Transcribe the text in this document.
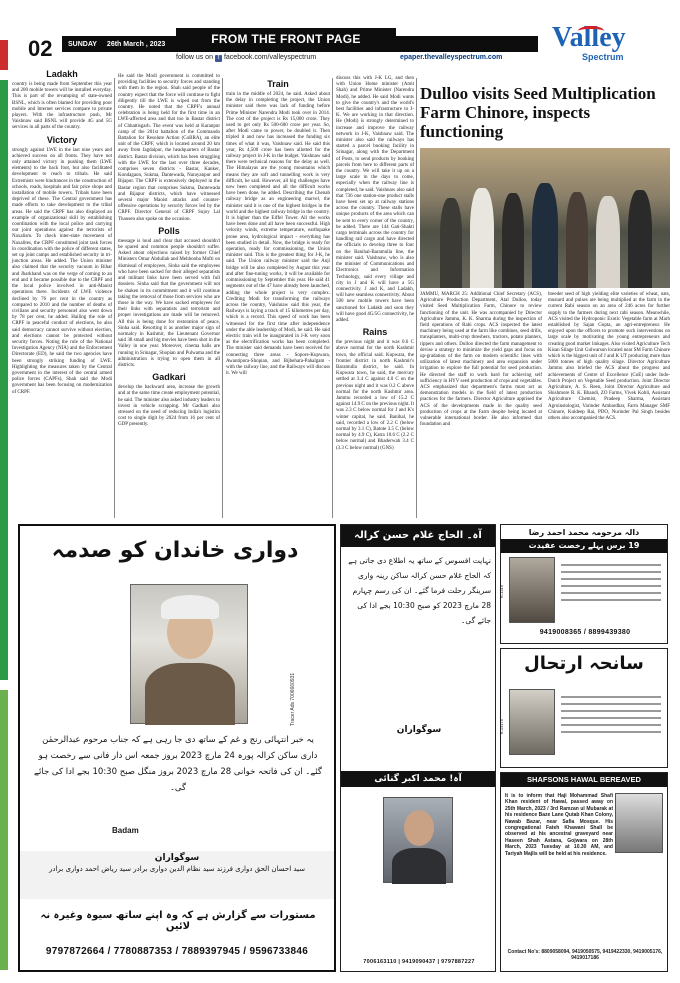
02 SUNDAY 26th March , 2023	FROM THE FRONT PAGE
follow us on f facebook.com/valleyspectrum	epaper.thevalleyspectrum.com
Valley
Spectrum
Ladakh

country is being made from September this year and 200 mobile towers will be installed everyday. This is part of the revamping of state-owned BSNL, which is often blamed for providing poor mobile and Internet services compare to private players. With the infrastructure push, Mr Vaishnaw said BSNL will provide 4G and 5G services in all parts of the country.

Victory

strongly against LWE in the last nine years and achieved success on all fronts. They have not only attained victory in pushing them (LWE elements) to the back foot, but also facilitated development to reach to tribals. He said Extremists were hindrances in the construction of schools, roads, hospitals and fair price shops and installation of mobile towers. Tribals have been deprived of these. The Central government has made efforts to take development to the tribal areas. He said the CRPF has also displayed an example of organizational skill by establishing coordination with the local police and carrying out joint operations against the terrorists of Naxalism. To check inter-state movement of Naxalites, the CRPF constituted joint task forces in coordination with the police of different states, set up joint camps and established security in tri-junction areas. He added. The Union minister also claimed that the security vacuum in Bihar and Jharkhand was on the verge of coming to an end and it became possible due to the CRPF and the local police involved in anti-Maoist operations there. Incidents of LWE violence declined by 76 per cent in the country as compared to 2010 and the number of deaths of civilians and security personnel also went down by 78 per cent, he added. Hailing the role of CRPF in peaceful conduct of elections, he also said democracy cannot survive without election, and elections cannot be protected without security forces. Noting the role of the National Investigation Agency (NIA) and the Enforcement Directorate (ED), he said the two agencies have been strongly striking funding of LWE. Highlighting the measures taken by the Central government in the interest of the central armed police forces (CAPFs), Shah said the Modi government has been focusing on modernization of CRPF.

He said the Modi government is committed to providing facilities to security forces and standing with them in the region. Shah said people of the country expect that the force will continue to fight diligently till the LWE is wiped out from the country. He noted that the CRPF's annual celebration is being held for the first time in an LWE-affected area and that too in Bastar district of Chhattisgarh. The event was held at Karanpur camp of the 201st battalion of the Commando Battalion for Resolute Action (CoBRA), an elite unit of the CRPF, which is located around 20 km away from Jagdalpur, the headquarters of Bastar district. Bastar division, which has been struggling with the LWE for the last over three decades, comprises seven districts - Bastar, Kanker, Kondagaon, Sukma, Dantewada, Narayanpur and Bijapur. The CRPF is extensively deployed in the Bastar region that comprises Sukma, Dantewada and Bijapur districts, which have witnessed several major Maoist attacks and counter-offensive operations by security forces led by the CRPF. Director General of CRPF Sujoy Lal Thaosen also spoke on the occasion.

Polls

message is loud and clear that accused shouldn't be spared and common people shouldn't suffer. Asked about objections raised by former Chief Ministers Omar Abdullah and Mehbooba Mufti on dismissal of employees, Sinha said the employees who have been sacked for their alleged separatists and militant links have been served with full dossiers. Sinha said that the government will not be shaken in its commitment and it will continue taking the removal of those from services who are those in the way. We have sacked employees for their links with separatists and terrorism and proper investigations are made will be removed. All this is being done for restoration of peace, Sinha said. Resorting it as another major sign of normalcy in Kashmir, the Lieutenant Governor said 38 small and big movies have been shot in the Valley in one year. Moreover, cinema halls are running in Srinagar, Shopian and Pulwama and the administration is trying to open them in all districts.

Gadkari

develop the backward area, increase the growth and at the same time create employment potential, he said. The minister also asked industry leaders to invest in vehicle scrapping. Mr Gadkari also stressed on the need of reducing India's logistics cost to single digit by 2024 from 16 per cent of GDP presently.

Train

train in the middle of 2024, he said. Asked about the delay in completing the project, the Union minister said there was lack of funding before Prime Minister Narendra Modi took over in 2014. The cost of the project is Rs 15,000 crore. They used to get only Rs 500-600 crore per year. So, after Modi came to power, he doubled it. Then tripled it and now has increased the funding six times of what it was, Vaishnaw said. He said this year, Rs 4,500 crore has been allotted for the railway project in J-K in the budget. Vaishnaw said there were technical reasons for the delay as well. The Himalayas are the young mountains which means they are soft and tunnelling work is very difficult, he said. However, all big challenges have now been completed and all the difficult works have been done, he added. Describing the Chenab railway bridge as an engineering marvel, the minister said it is one of the highest bridges in the world and the highest railway bridge in the country. It is higher than the Eiffel Tower. All the works have been done and all have been successful. High velocity winds, extreme temperature, earthquake prone area, hydrological impact - everything has been studied in detail. Now, the bridge is ready for operation, ready for commissioning, the Union minister said. This is the greatest thing for J-K, he said. The Union railway minister said the Anji bridge will be also completed by August this year and after fine-tuning works, it will be available for commissioning by September this year. He said 41 segments out of the 47 have already been launched, adding the whole project is very complex. Crediting Modi for transforming the railways across the country, Vaishnaw said this year, the Railways is laying a track of 15 kilometres per day, which is a record. This speed of work has been witnessed for the first time after independence under the able leadership of Modi, he said. He said electric train will be inaugurated in J-K very soon as the electrification works has been completed. The minister said demands have been received for connecting three areas - Sopore-Kupwara, Awantipora-Shopian, and Bijbehara-Pahalgam - with the railway line, and the Railways will discuss it. We will

discuss this with J-K LG, and then with Union Home minister (Amit Shah) and Prime Minister (Narendra Modi), he added. He said Modi wants to give the country's and the world's best facilities and infrastructure to J-K. We are working in that direction. He (Modi) is strongly determined to increase and improve the railway network in J-K, Vaishnaw said. The minister also said the railways has started a parcel booking facility in Srinagar, along with the Department of Posts, to send products by booking parcels from here to different parts of the country. We will take it up on a large scale in the days to come, especially when the railway line is completed, he said. Vaishnaw also said that 736 one station-one product stalls have been set up at railway stations across the country. These stalls have unique products of the area which can be sent to every corner of the country, he added. There are 144 Gati-Shakti cargo terminals across the country for handling rail cargo and have directed the officials to develop three to four on the Banihal-Baramulla line, the minister said. Vaishnaw, who is also the minister of Communications and Electronics and Information Technology, said every village and city in J and K will have a 5G connectivity. J and K, and Ladakh, will have seamless connectivity. About 500 new mobile towers have been sanctioned for Ladakh and soon they will have good 4G/5G connectivity, he added.

Rains

the previous night and it was 0.6 C above normal for the north Kashmir town, the official said. Kupwara, the frontier district in north Kashmir's Baramulla district, he said. In Kupwara town, he said, the mercury settled at 3.4 C against 4.0 C on the previous night and it was 0.2 C above normal for the north Kashmir area. Jammu recorded a low of 15.2 C against 14.9 C on the previous night. It was 2.3 C below normal for J and K's winter capital, he said. Banihal, he said, recorded a low of 2.2 C (below normal by 3.1 C), Batote 3.5 C (below normal by 4.9 C), Katra 10.6 C (2.2 C below normal) and Bhaderwah 3.4 C (3.3 C below normal) (GNS)

Dulloo visits Seed Multiplication Farm Chinore, inspects functioning

JAMMU, MARCH 25: Additional Chief Secretary (ACS), Agriculture Production Department, Atal Dulloo, today visited Seed Multiplication Farm, Chinore to review functioning of the unit. He was accompanied by Director Agriculture Jammu, K. K. Sharma during the inspection of field operations of Rabi crops. ACS inspected the latest machinery being used at the farm like combines, seed drills, transplanters, multi-crop threshers, tractors, potato planters, rippers and others. Dulloo directed the farm management to devise a strategy to minimize the yield gaps and focus on up-gradation of the farm on modern scientific lines with utilization of latest machinery and area expansion under irrigation to explore the full potential for seed production. He directed the staff to work hard for achieving self sufficiency in HYV seed production of crops and vegetables. ACS emphasized that department's farms must act as demonstration models in the field of latest production practices for the farmers. Director Agriculture apprised the ACS of the developments made in the quality seed production of crops at the Farm despite being located at vulnerable international border. He also informed that foundation and

breeder seed of high yielding elite varieties of wheat, oats, mustard and pulses are being multiplied at the farm in the current Rabi season on an area of 246 acres for further supply to the farmers during next rabi season. Meanwhile, ACS visited the Hydroponic Exotic Vegetable farm at Marh established by Sajan Gupta, an agri-entrepreneur. He enjoyed upon the officers to promote such interventions on large scale by motivating the young entrepreneurs and creating good market linkages. Also visited Agriculture Tech Kisan Silage Unit Gulwarson located near SM Farm Chinore which is the biggest unit of J and K UT producing more than 5000 tonnes of high quality silage. Director Agriculture Jammu also briefed the ACS about the progress and achievements of Centre of Excellence (CoE) under Indo-Dutch Project on Vegetable Seed production. Joint Director Agriculture, A. S. Reen, Joint Director Agriculture and Shishmore R. K. Bhandi, ZO Farms, Vivek Kohli, Assistant Agriculture Chemist, Pradeep Sharma, Assistant Agroinstologist, Varinder Ambardhar, Farm Manager SMF Chinore, Kuldeep Rai, PDO, Nurinder Pal Singh besides others also accompanied the ACS.

دواری خاندان کو صدمہ
Tracer Ads 7006660931
یہ خبر انتہائی رنج و غم کے ساتھ دی جا رہی ہے کہ جناب مرحوم عبدالرحمٰن داری ساکن کرالہ پورہ 24 مارچ 2023 بروز جمعہ اس دار فانی سے رخصت ہو گئے۔ ان کی فاتحہ خوانی 28 مارچ 2023 بروز منگل صبح 10:30 بجے ادا کی جائے گی۔
Badam
سوگواران
سید احسان الحق دواری فرزند سید نظام الدین دواری برادر سید ریاض احمد دواری برادر
مستورات سے گزارش ہے کہ وہ اپنے ساتھ سیوہ وغیرہ نہ لائیں
9797872664 / 7780887353 / 7889397945 / 9596733846
آہ۔ الحاج غلام حسن کرالہ
نہایت افسوس کے ساتھ یہ اطلاع دی جاتی ہے کہ الحاج غلام حسن کرالہ ساکن رینہ واری سرینگر رحلت فرما گئے۔ ان کی رسم چہارم 28 مارچ 2023 کو صبح 10:30 بجے ادا کی جائے گی۔
سوگواران
آہ! محمد اکبر گنائی
7006163110 | 9419090437 | 9797887227
دالہ مرحومہ محمد احمد رضا
19 برس پہلے رخصت عقیدت
R-1319
9419008365 / 8899439380
سانحہ ارتحال
R-13175
SHAFSONS HAWAL BEREAVED
It is to inform that Haji Mohammad Shafi Khan resident of Hawal, passed away on 25th March, 2023 / 3rd Ramzan ul Mubarak at his residence Baze Lane Qutab Khan Colony, Nawab Bazar, near Safia Mosque. His congregational Fateh Khawani Shall be observed at his ancestral graveyard near Haseen Shah Astana, Gojwara on 28th March, 2023 Tuesday at 10.30 AM, and Tariyah Majlis will be held at his residence.
Contact No's: 8809058094, 9419050575, 9419422330, 9419005176, 9419017186
